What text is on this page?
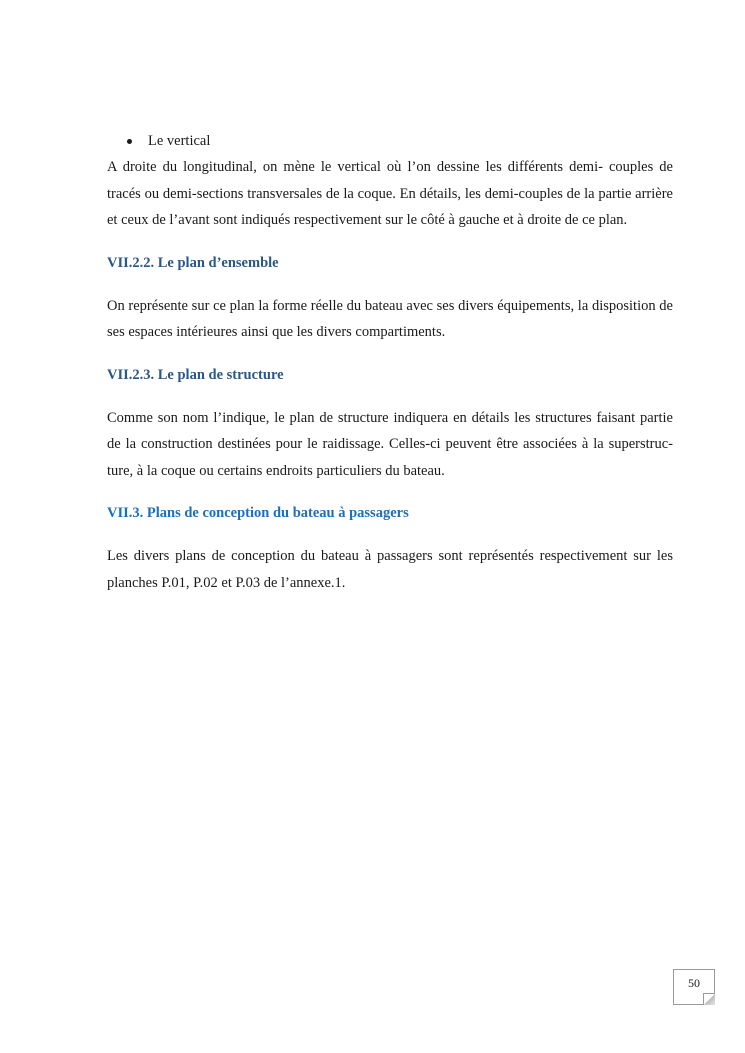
Le vertical

A droite du longitudinal, on mène le vertical où l’on dessine les différents demi- couples de tracés ou demi-sections transversales de la coque. En détails, les demi-couples de la partie arrière et ceux de l’avant sont indiqués respectivement sur le côté à gauche et à droite de ce plan.

VII.2.2. Le plan d’ensemble

On représente sur ce plan la forme réelle du bateau avec ses divers équipements, la disposition de ses espaces intérieures ainsi que les divers compartiments.

VII.2.3. Le plan de structure

Comme son nom l’indique, le plan de structure indiquera en détails les structures faisant partie de la construction destinées pour le raidissage. Celles-ci peuvent être associées à la superstruc-ture, à la coque ou certains endroits particuliers du bateau.

VII.3. Plans de conception du bateau à passagers

Les divers plans de conception du bateau à passagers sont représentés respectivement sur les planches P.01, P.02 et P.03 de l’annexe.1.

50
